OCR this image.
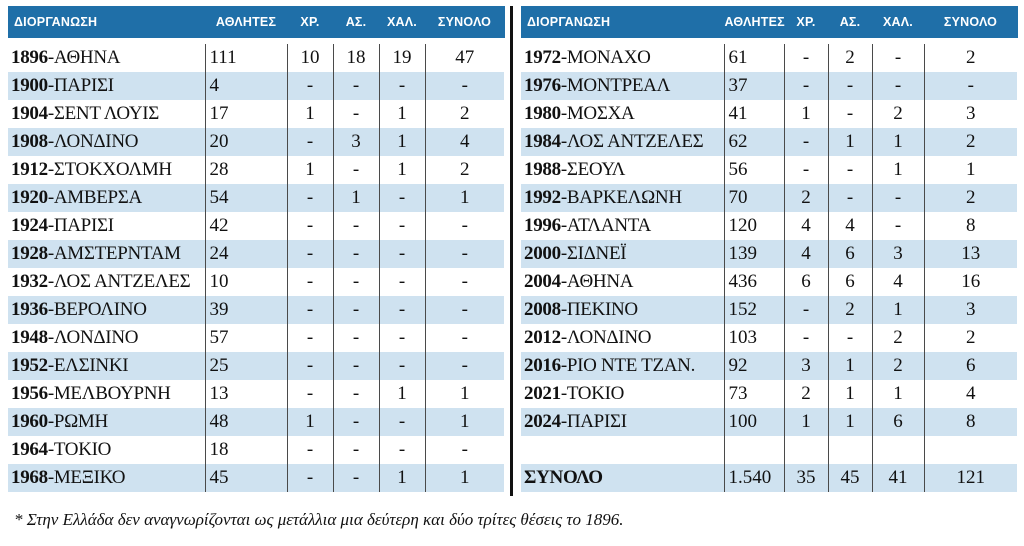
ΔΙΟΡΓΑΝΩΣΗ	ΑΘΛΗΤΕΣ	ΧΡ.	ΑΣ.	ΧΑΛ.	ΣΥΝΟΛΟ

1896-ΑΘΗΝΑ	111	10	18	19	47
1900-ΠΑΡΙΣΙ	4	-	-	-	-
1904-ΣΕΝΤ ΛΟΥΙΣ	17	1	-	1	2
1908-ΛΟΝΔΙΝΟ	20	-	3	1	4
1912-ΣΤΟΚΧΟΛΜΗ	28	1	-	1	2
1920-ΑΜΒΕΡΣΑ	54	-	1	-	1
1924-ΠΑΡΙΣΙ	42	-	-	-	-
1928-ΑΜΣΤΕΡΝΤΑΜ	24	-	-	-	-
1932-ΛΟΣ ΑΝΤΖΕΛΕΣ	10	-	-	-	-
1936-ΒΕΡΟΛΙΝΟ	39	-	-	-	-
1948-ΛΟΝΔΙΝΟ	57	-	-	-	-
1952-ΕΛΣΙΝΚΙ	25	-	-	-	-
1956-ΜΕΛΒΟΥΡΝΗ	13	-	-	1	1
1960-ΡΩΜΗ	48	1	-	-	1
1964-ΤΟΚΙΟ	18	-	-	-	-
1968-ΜΕΞΙΚΟ	45	-	-	1	1
ΔΙΟΡΓΑΝΩΣΗ	ΑΘΛΗΤΕΣ	ΧΡ.	ΑΣ.	ΧΑΛ.	ΣΥΝΟΛΟ

1972-ΜΟΝΑΧΟ	61	-	2	-	2
1976-ΜΟΝΤΡΕΑΛ	37	-	-	-	-
1980-ΜΟΣΧΑ	41	1	-	2	3
1984-ΛΟΣ ΑΝΤΖΕΛΕΣ	62	-	1	1	2
1988-ΣΕΟΥΛ	56	-	-	1	1
1992-ΒΑΡΚΕΛΩΝΗ	70	2	-	-	2
1996-ΑΤΛΑΝΤΑ	120	4	4	-	8
2000-ΣΙΔΝΕΪ	139	4	6	3	13
2004-ΑΘΗΝΑ	436	6	6	4	16
2008-ΠΕΚΙΝΟ	152	-	2	1	3
2012-ΛΟΝΔΙΝΟ	103	-	-	2	2
2016-ΡΙΟ ΝΤΕ ΤΖΑΝ.	92	3	1	2	6
2021-ΤΟΚΙΟ	73	2	1	1	4
2024-ΠΑΡΙΣΙ	100	1	1	6	8

ΣΥΝΟΛΟ	1.540	35	45	41	121
* Στην Ελλάδα δεν αναγνωρίζονται ως μετάλλια μια δεύτερη και δύο τρίτες θέσεις το 1896.
